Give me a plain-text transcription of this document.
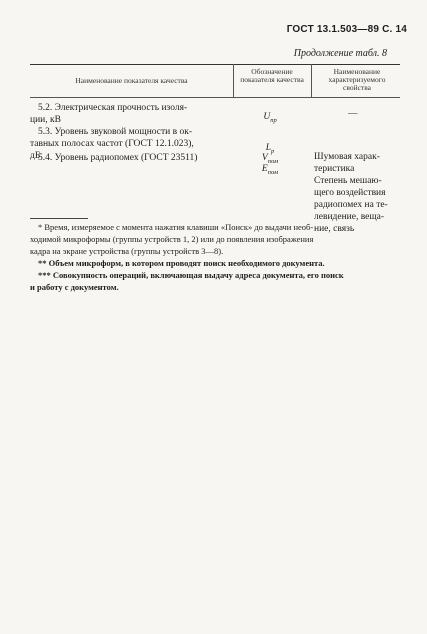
ГОСТ 13.1.503—89 С. 14
Продолжение табл. 8
Наименование показателя качества
Обозначение показателя качества
Наименование характеризуемого свойства
5.2. Электрическая прочность изоля-
ции, кВ	$U_{пр}$
—
5.3. Уровень звуковой мощности в ок-
тавных полосах частот (ГОСТ 12.1.023),
дБ
$L_р$
Шумовая харак-
теристика
5.4. Уровень радиопомех (ГОСТ 23511)	$V_{пом}$
$E_{пом}$
Степень мешаю-
щего воздействия
радиопомех на те-
левидение, веща-
ние, связь
* Время, измеряемое с момента нажатия клавиши «Поиск» до выдачи необ-
ходимой микроформы (группы устройств 1, 2) или до появления изображения
кадра на экране устройства (группы устройств 3—8).
** Объем микроформ, в котором проводят поиск необходимого документа.
*** Совокупность операций, включающая выдачу адреса документа, его поиск
и работу с документом.
